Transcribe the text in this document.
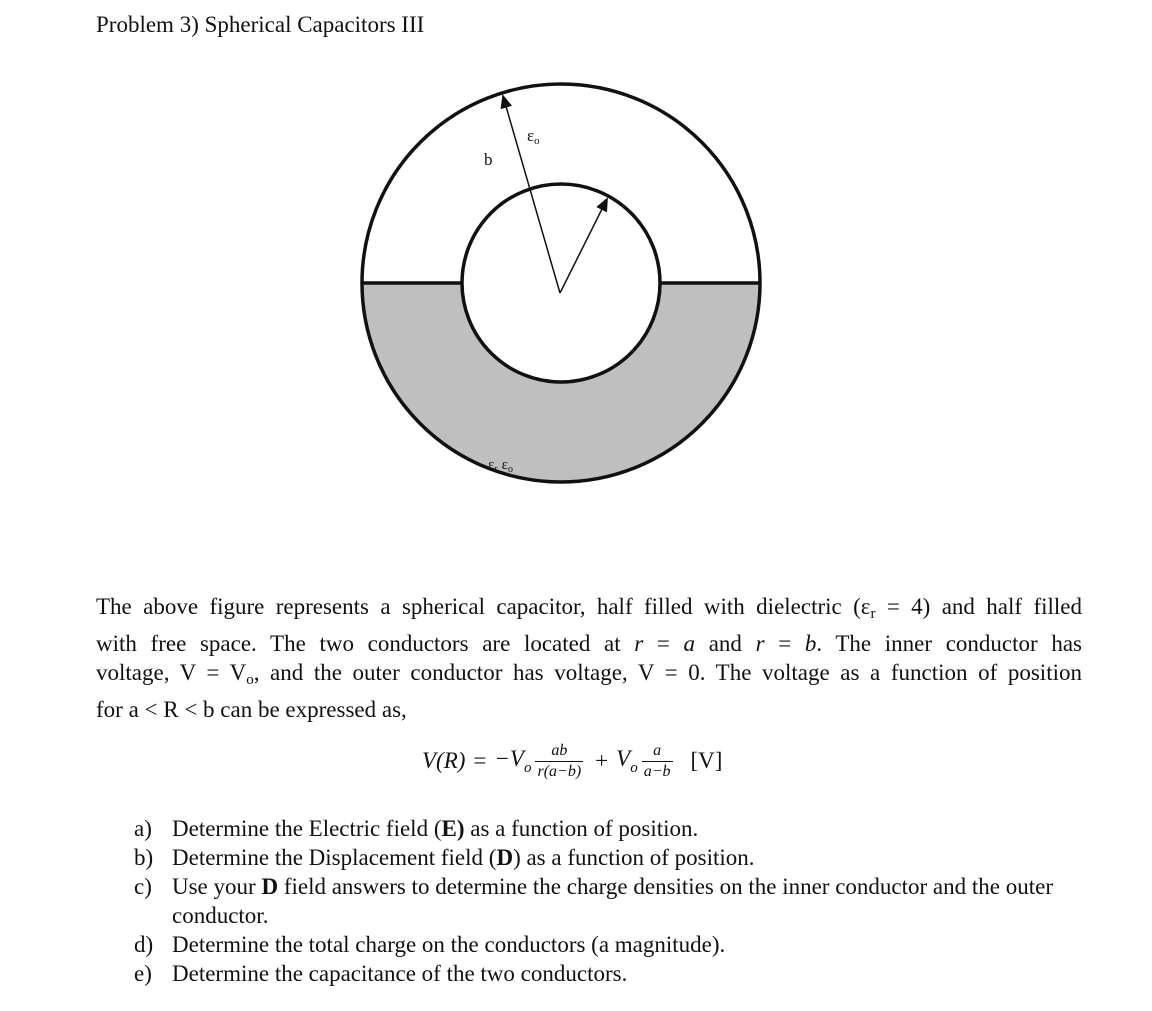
Problem 3) Spherical Capacitors III
b
εo
$\varepsilon_r$ $\varepsilon_o$
The above figure represents a spherical capacitor, half filled with dielectric $(\varepsilon_r = 4)$ and half filled
with free space. The two conductors are located at r = a and r = b. The inner conductor has
voltage, $V = V_o$, and the outer conductor has voltage, V = 0. The voltage as a function of position
for a < R < b can be expressed as,
$V(R) = -V_o \frac{ab}{r(a-b)} + V_o \frac{a}{a-b} [V]$
a) Determine the Electric field (E) as a function of position.
b) Determine the Displacement field (D) as a function of position.
c) Use your D field answers to determine the charge densities on the inner conductor and the outer conductor.
d) Determine the total charge on the conductors (a magnitude).
e) Determine the capacitance of the two conductors.
